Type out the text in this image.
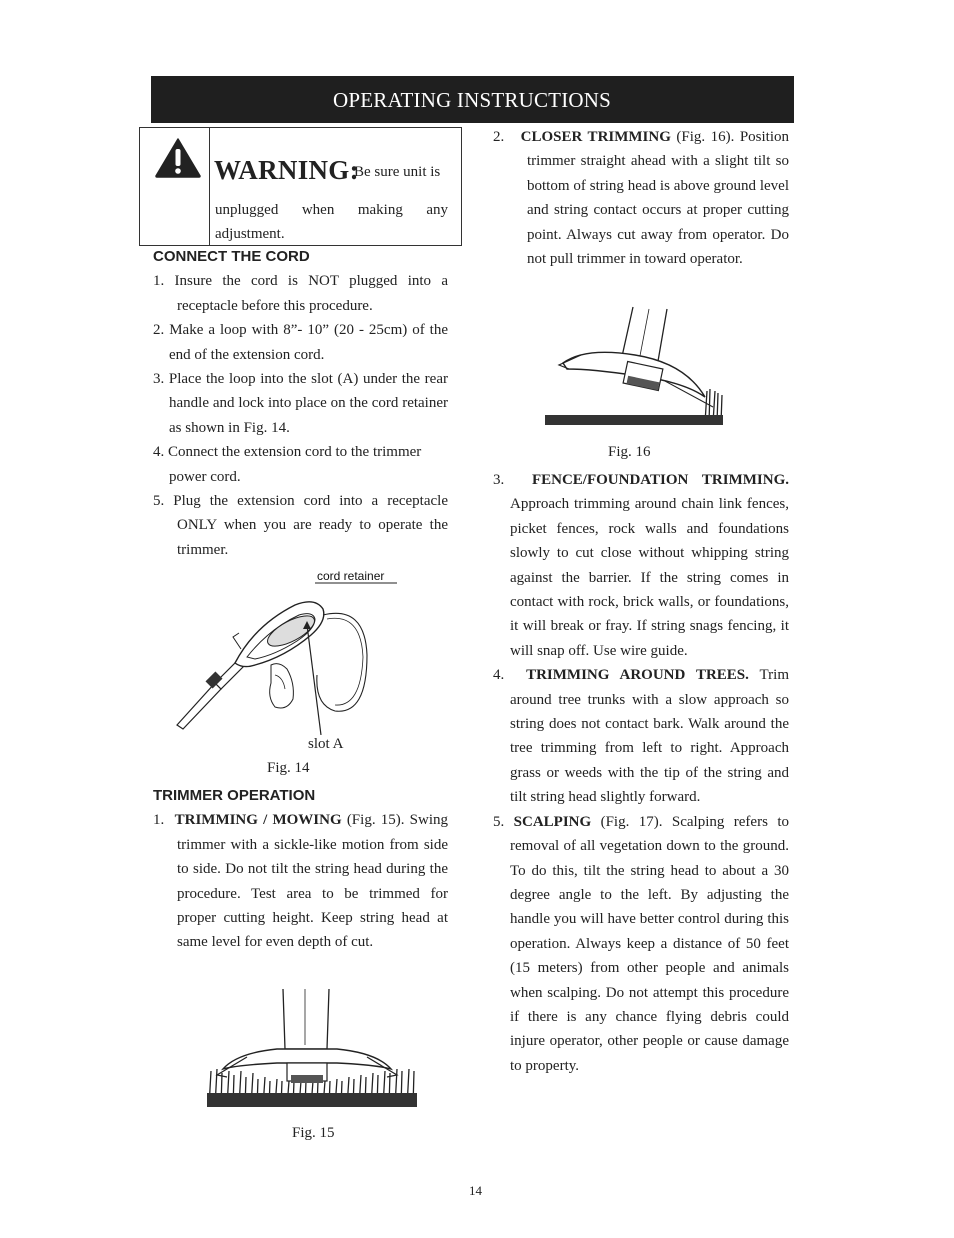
OPERATING INSTRUCTIONS
WARNING:
Be sure unit is
unplugged when making any
adjustment.
CONNECT THE CORD
1. Insure the cord is NOT plugged into a receptacle before this procedure.
2. Make a loop with 8”- 10” (20 - 25cm) of the end of the extension cord.
3. Place the loop into the slot (A) under the rear handle and lock into place on the cord retainer as shown in Fig. 14.
4. Connect the extension cord to the trimmer power cord.
5. Plug the extension cord into a receptacle ONLY when you are ready to operate the trimmer.
cord retainer
slot A
Fig. 14
TRIMMER OPERATION
1. TRIMMING / MOWING (Fig. 15). Swing trimmer with a sickle-like motion from side to side. Do not tilt the string head during the procedure. Test area to be trimmed for proper cutting height. Keep string head at same level for even depth of cut.
Fig. 15
2. CLOSER TRIMMING (Fig. 16). Position trimmer straight ahead with a slight tilt so bottom of string head is above ground level and string contact occurs at proper cutting point. Always cut away from operator. Do not pull trimmer in toward operator.
Fig. 16
3. FENCE/FOUNDATION TRIMMING. Approach trimming around chain link fences, picket fences, rock walls and foundations slowly to cut close without whipping string against the barrier. If the string comes in contact with rock, brick walls, or foundations, it will break or fray. If string snags fencing, it will snap off. Use wire guide.
4. TRIMMING AROUND TREES. Trim around tree trunks with a slow approach so string does not contact bark. Walk around the tree trimming from left to right. Approach grass or weeds with the tip of the string and tilt string head slightly forward.
5. SCALPING (Fig. 17). Scalping refers to removal of all vegetation down to the ground. To do this, tilt the string head to about a 30 degree angle to the left. By adjusting the handle you will have better control during this operation. Always keep a distance of 50 feet (15 meters) from other people and animals when scalping. Do not attempt this procedure if there is any chance flying debris could injure operator, other people or cause damage to property.
14
